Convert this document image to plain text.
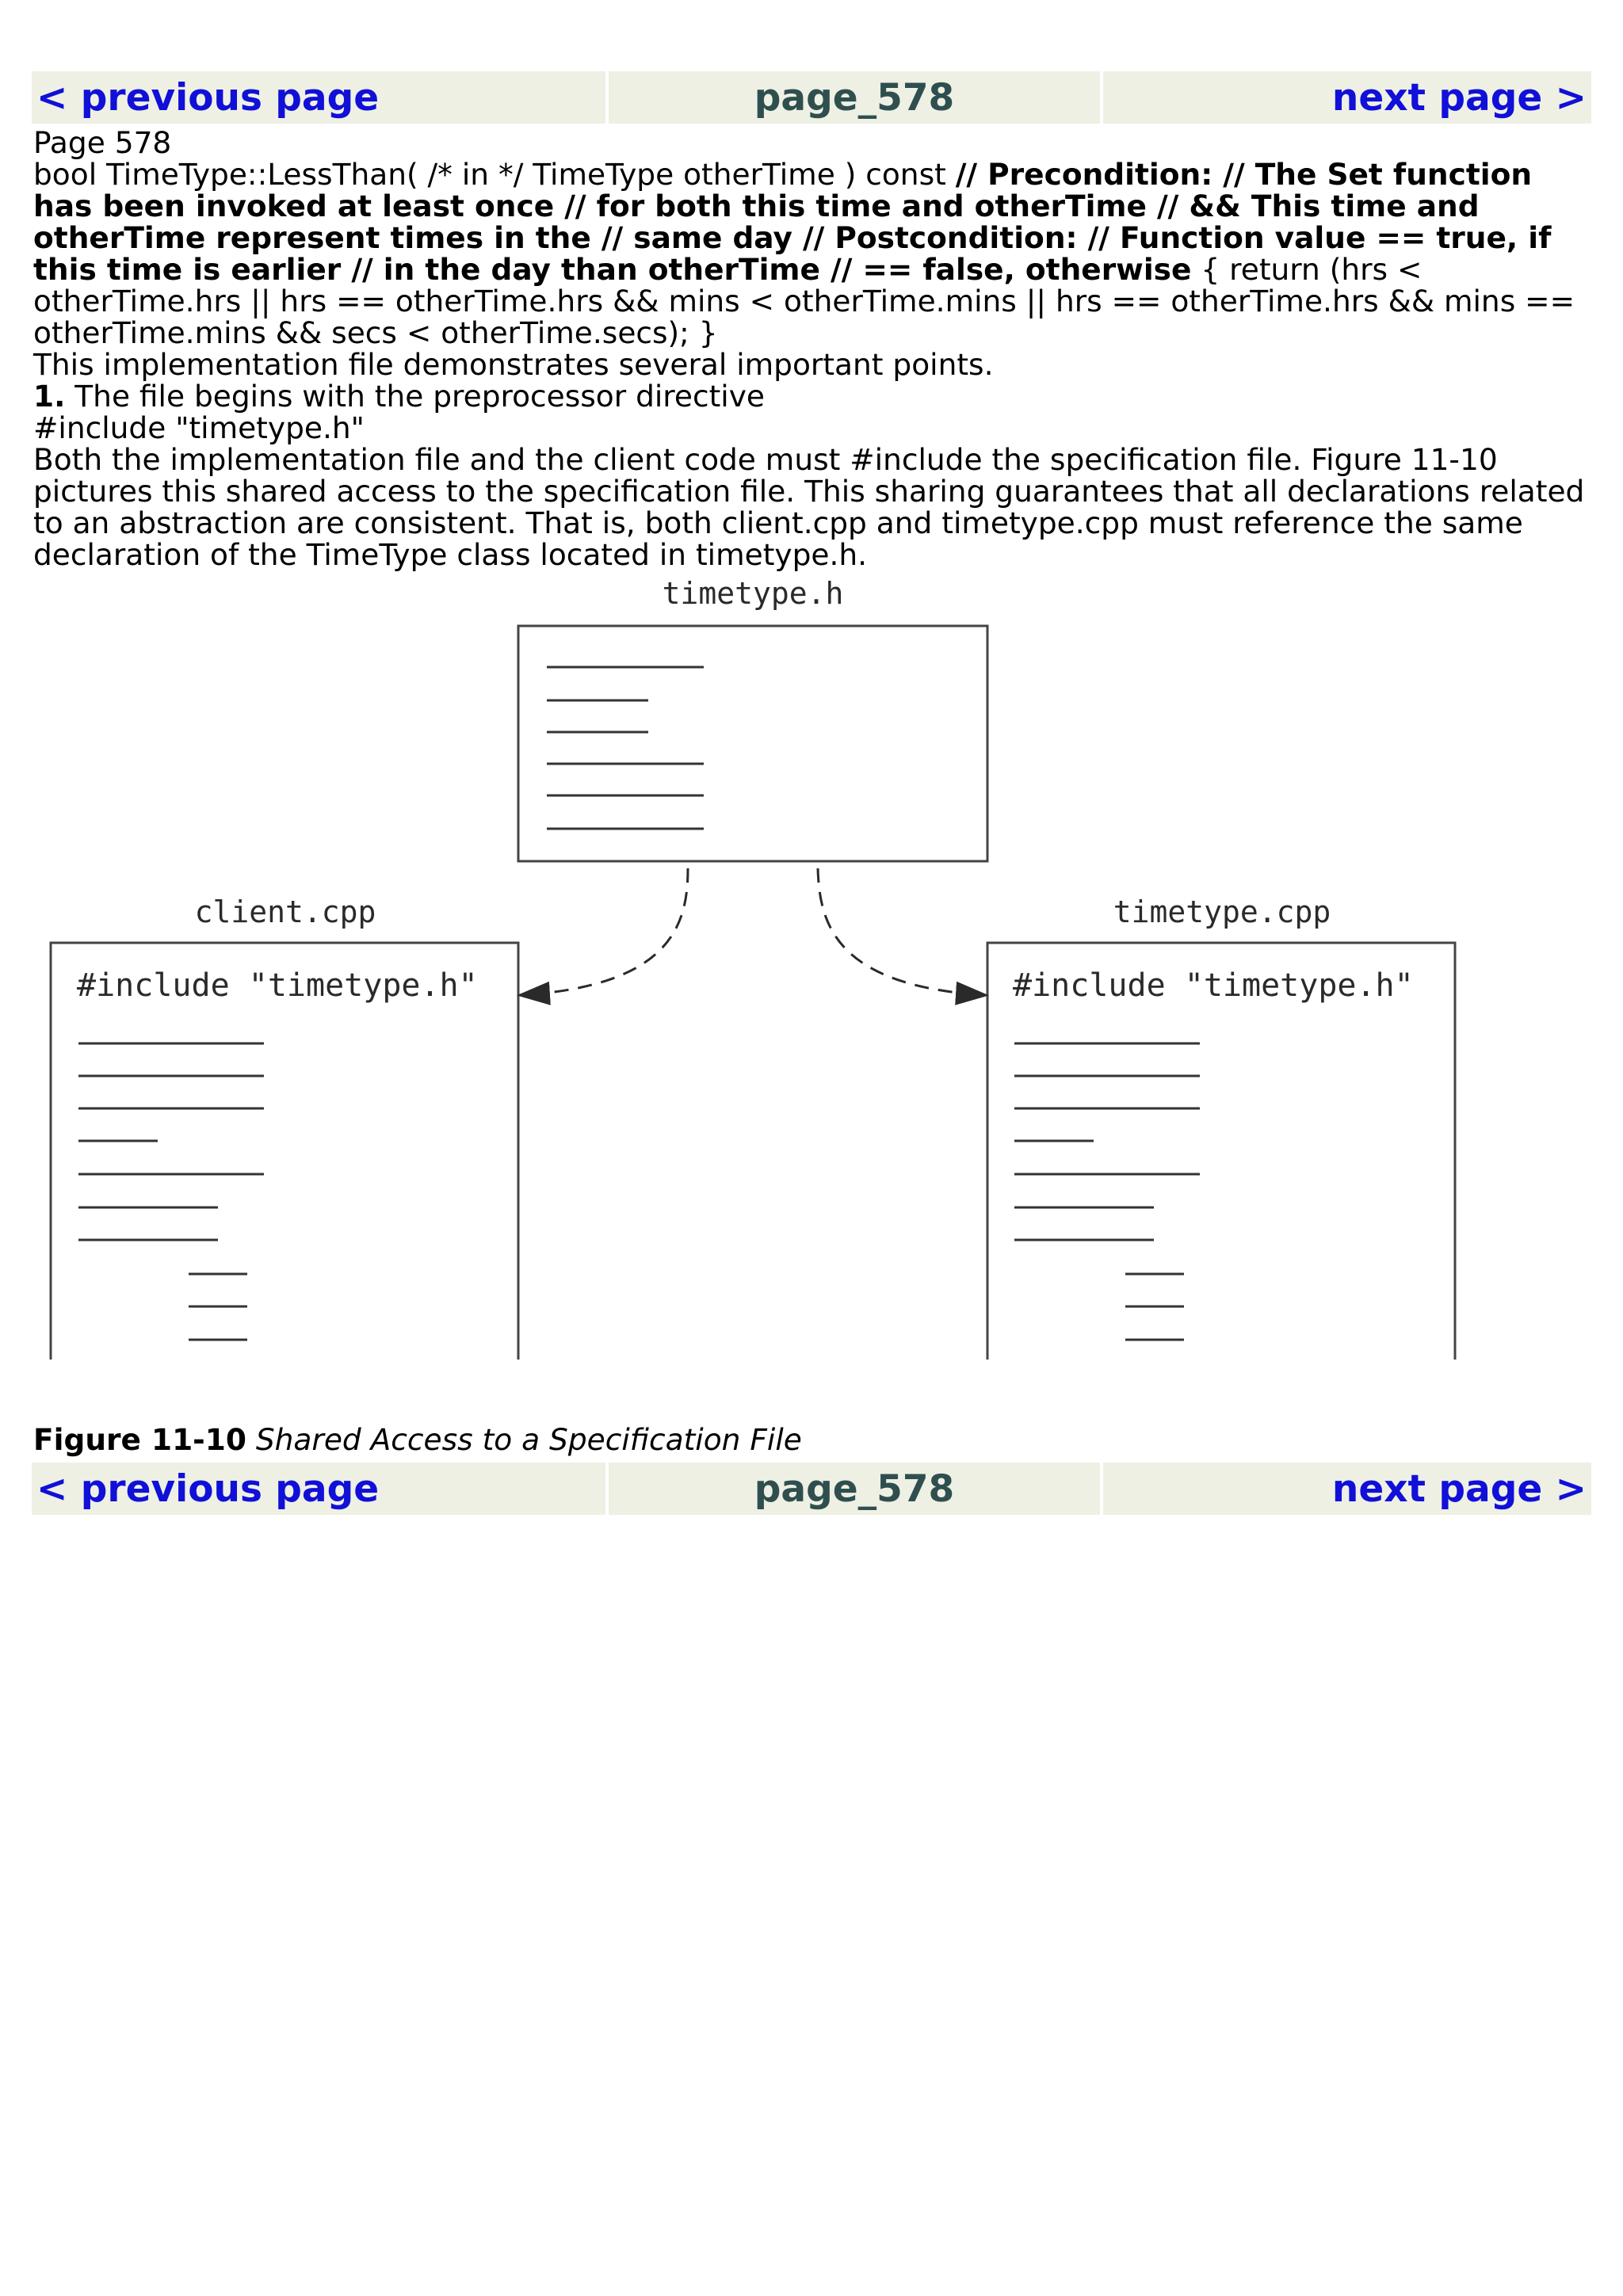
< previous page	page_578	next page >

Page 578

bool TimeType::LessThan( /* in */ TimeType otherTime ) const // Precondition: // The Set function has been invoked at least once // for both this time and otherTime // && This time and otherTime represent times in the // same day // Postcondition: // Function value == true, if this time is earlier // in the day than otherTime // == false, otherwise { return (hrs < otherTime.hrs || hrs == otherTime.hrs && mins < otherTime.mins || hrs == otherTime.hrs && mins == otherTime.mins && secs < otherTime.secs); }

This implementation file demonstrates several important points.

1. The file begins with the preprocessor directive

#include "timetype.h"

Both the implementation file and the client code must #include the specification file. Figure 11-10 pictures this shared access to the specification file. This sharing guarantees that all declarations related to an abstraction are consistent. That is, both client.cpp and timetype.cpp must reference the same declaration of the TimeType class located in timetype.h.

timetype.h
client.cpp
#include "timetype.h"
timetype.cpp
#include "timetype.h"
Figure 11-10 Shared Access to a Specification File
< previous page	page_578	next page >
